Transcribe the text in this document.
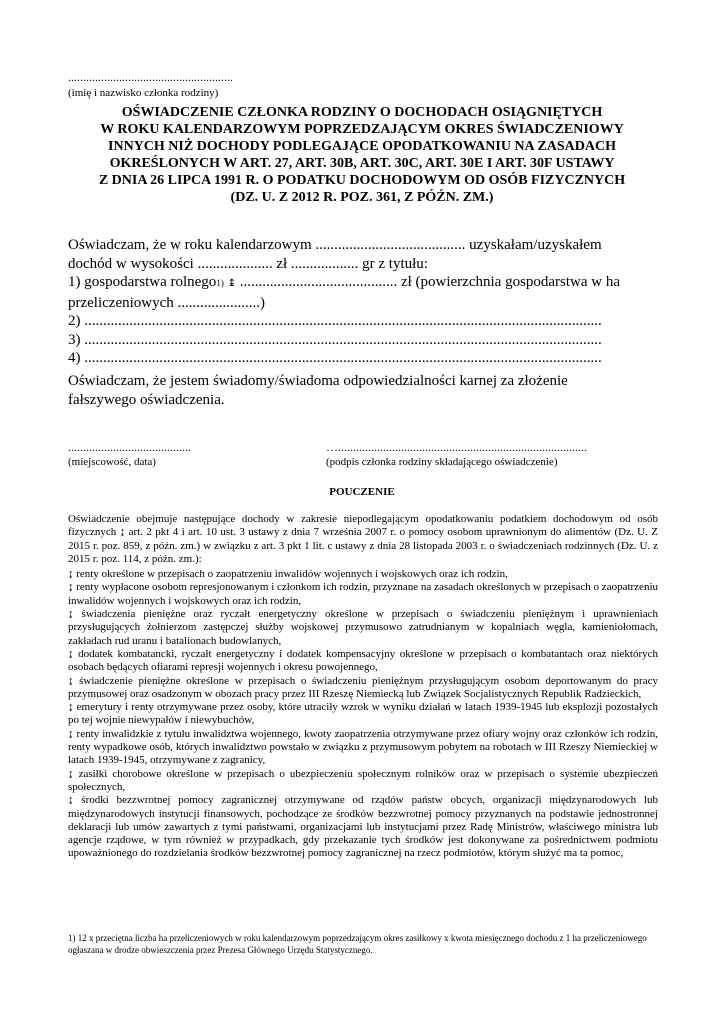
.......................................................
(imię i nazwisko członka rodziny)
OŚWIADCZENIE CZŁONKA RODZINY O DOCHODACH OSIĄGNIĘTYCH
W ROKU KALENDARZOWYM POPRZEDZAJĄCYM OKRES ŚWIADCZENIOWY
INNYCH NIŻ DOCHODY PODLEGAJĄCE OPODATKOWANIU NA ZASADACH
OKREŚLONYCH W ART. 27, ART. 30B, ART. 30C, ART. 30E I ART. 30F USTAWY
Z DNIA 26 LIPCA 1991 R. O PODATKU DOCHODOWYM OD OSÓB FIZYCZNYCH
(DZ. U. Z 2012 R. POZ. 361, Z PÓŹN. ZM.)
Oświadczam, że w roku kalendarzowym ........................................ uzyskałam/uzyskałem
dochód w wysokości .................... zł .................. gr z tytułu:
1) gospodarstwa rolnego1) ↨ .......................................... zł (powierzchnia gospodarstwa w ha
przeliczeniowych ......................)
2) ..........................................................................................................................................
3) ..........................................................................................................................................
4) ..........................................................................................................................................
Oświadczam, że jestem świadomy/świadoma odpowiedzialności karnej za złożenie
fałszywego oświadczenia.
.........................................
(miejscowość, data)
…...................................................................................
(podpis członka rodziny składającego oświadczenie)
POUCZENIE

Oświadczenie obejmuje następujące dochody w zakresie niepodlegającym opodatkowaniu podatkiem dochodowym od osób fizycznych ↨ art. 2 pkt 4 i art. 10 ust. 3 ustawy z dnia 7 września 2007 r. o pomocy osobom uprawnionym do alimentów (Dz. U. Z 2015 r. poz. 859, z późn. zm.) w związku z art. 3 pkt 1 lit. c ustawy z dnia 28 listopada 2003 r. o świadczeniach rodzinnych (Dz. U. z 2015 r. poz. 114, z późn. zm.):

↨ renty określone w przepisach o zaopatrzeniu inwalidów wojennych i wojskowych oraz ich rodzin,

↨ renty wypłacone osobom represjonowanym i członkom ich rodzin, przyznane na zasadach określonych w przepisach o zaopatrzeniu inwalidów wojennych i wojskowych oraz ich rodzin,

↨ świadczenia pieniężne oraz ryczałt energetyczny określone w przepisach o świadczeniu pieniężnym i uprawnieniach przysługujących żołnierzom zastępczej służby wojskowej przymusowo zatrudnianym w kopalniach węgla, kamieniołomach, zakładach rud uranu i batalionach budowlanych,

↨ dodatek kombatancki, ryczałt energetyczny i dodatek kompensacyjny określone w przepisach o kombatantach oraz niektórych osobach będących ofiarami represji wojennych i okresu powojennego,

↨ świadczenie pieniężne określone w przepisach o świadczeniu pieniężnym przysługującym osobom deportowanym do pracy przymusowej oraz osadzonym w obozach pracy przez III Rzeszę Niemiecką lub Związek Socjalistycznych Republik Radzieckich,

↨ emerytury i renty otrzymywane przez osoby, które utraciły wzrok w wyniku działań w latach 1939-1945 lub eksplozji pozostałych po tej wojnie niewypałów i niewybuchów,

↨ renty inwalidzkie z tytułu inwalidztwa wojennego, kwoty zaopatrzenia otrzymywane przez ofiary wojny oraz członków ich rodzin, renty wypadkowe osób, których inwalidztwo powstało w związku z przymusowym pobytem na robotach w III Rzeszy Niemieckiej w latach 1939-1945, otrzymywane z zagranicy,

↨ zasiłki chorobowe określone w przepisach o ubezpieczeniu społecznym rolników oraz w przepisach o systemie ubezpieczeń społecznych,

↨ środki bezzwrotnej pomocy zagranicznej otrzymywane od rządów państw obcych, organizacji międzynarodowych lub międzynarodowych instytucji finansowych, pochodzące ze środków bezzwrotnej pomocy przyznanych na podstawie jednostronnej deklaracji lub umów zawartych z tymi państwami, organizacjami lub instytucjami przez Radę Ministrów, właściwego ministra lub agencje rządowe, w tym również w przypadkach, gdy przekazanie tych środków jest dokonywane za pośrednictwem podmiotu upoważnionego do rozdzielania środków bezzwrotnej pomocy zagranicznej na rzecz podmiotów, którym służyć ma ta pomoc,

1) 12 x przeciętna liczba ha przeliczeniowych w roku kalendarzowym poprzedzającym okres zasiłkowy x kwota miesięcznego dochodu z 1 ha przeliczeniowego ogłaszana w drodze obwieszczenia przez Prezesa Głównego Urzędu Statystycznego.
